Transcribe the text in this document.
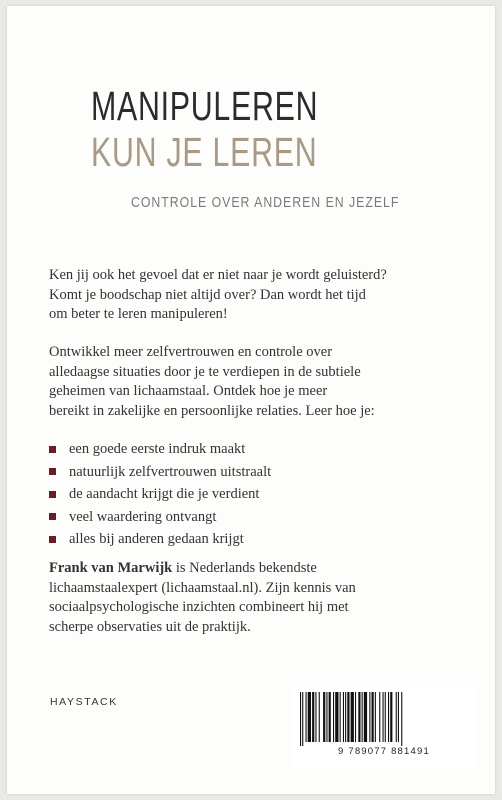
MANIPULEREN
KUN JE LEREN
CONTROLE OVER ANDEREN EN JEZELF
Ken jij ook het gevoel dat er niet naar je wordt geluisterd?
Komt je boodschap niet altijd over? Dan wordt het tijd
om beter te leren manipuleren!
Ontwikkel meer zelfvertrouwen en controle over
alledaagse situaties door je te verdiepen in de subtiele
geheimen van lichaamstaal. Ontdek hoe je meer
bereikt in zakelijke en persoonlijke relaties. Leer hoe je:
een goede eerste indruk maakt
natuurlijk zelfvertrouwen uitstraalt
de aandacht krijgt die je verdient
veel waardering ontvangt
alles bij anderen gedaan krijgt
Frank van Marwijk is Nederlands bekendste
lichaamstaalexpert (lichaamstaal.nl). Zijn kennis van
sociaalpsychologische inzichten combineert hij met
scherpe observaties uit de praktijk.
HAYSTACK
9 789077 881491
